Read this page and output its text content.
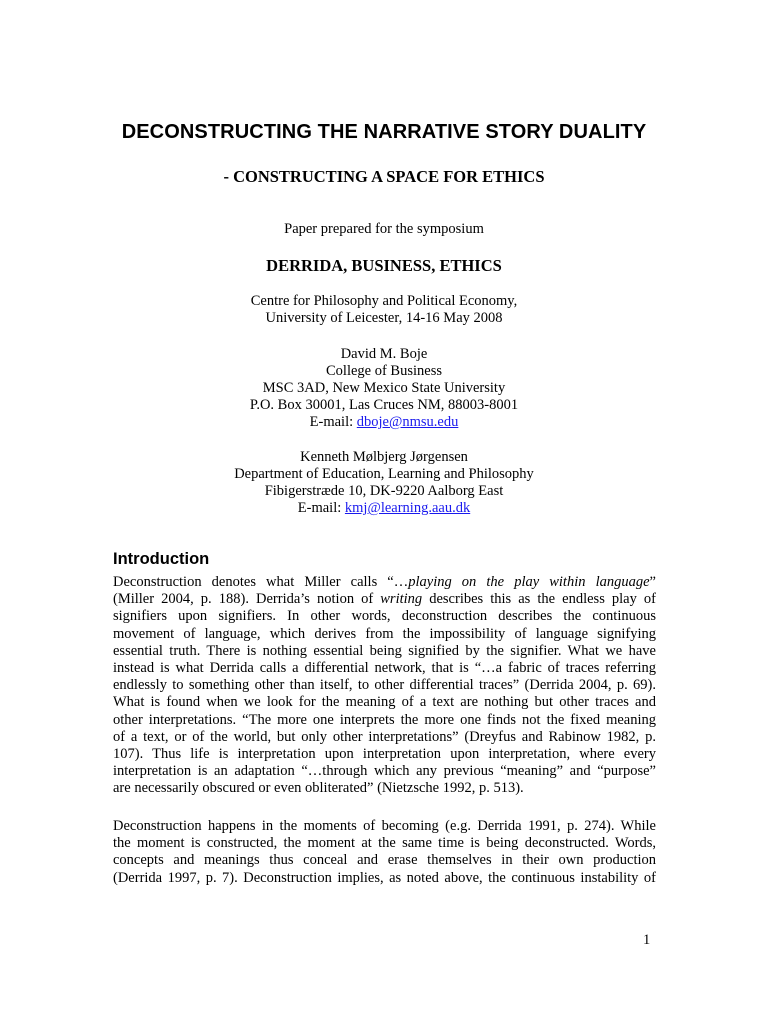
DECONSTRUCTING THE NARRATIVE STORY DUALITY
- CONSTRUCTING A SPACE FOR ETHICS
Paper prepared for the symposium
DERRIDA, BUSINESS, ETHICS
Centre for Philosophy and Political Economy,
University of Leicester, 14-16 May 2008
David M. Boje
College of Business
MSC 3AD, New Mexico State University
P.O. Box 30001, Las Cruces NM, 88003-8001
E-mail: dboje@nmsu.edu
Kenneth Mølbjerg Jørgensen
Department of Education, Learning and Philosophy
Fibigerstræde 10, DK-9220 Aalborg East
E-mail: kmj@learning.aau.dk
Introduction
Deconstruction denotes what Miller calls “…playing on the play within language”
(Miller 2004, p. 188). Derrida’s notion of writing describes this as the endless play of
signifiers upon signifiers. In other words, deconstruction describes the continuous
movement of language, which derives from the impossibility of language signifying
essential truth. There is nothing essential being signified by the signifier. What we have
instead is what Derrida calls a differential network, that is “…a fabric of traces referring
endlessly to something other than itself, to other differential traces” (Derrida 2004, p. 69).
What is found when we look for the meaning of a text are nothing but other traces and
other interpretations. “The more one interprets the more one finds not the fixed meaning
of a text, or of the world, but only other interpretations” (Dreyfus and Rabinow 1982, p.
107). Thus life is interpretation upon interpretation upon interpretation, where every
interpretation is an adaptation “…through which any previous “meaning” and “purpose”
are necessarily obscured or even obliterated” (Nietzsche 1992, p. 513).
Deconstruction happens in the moments of becoming (e.g. Derrida 1991, p. 274). While
the moment is constructed, the moment at the same time is being deconstructed. Words,
concepts and meanings thus conceal and erase themselves in their own production
(Derrida 1997, p. 7). Deconstruction implies, as noted above, the continuous instability of
1
